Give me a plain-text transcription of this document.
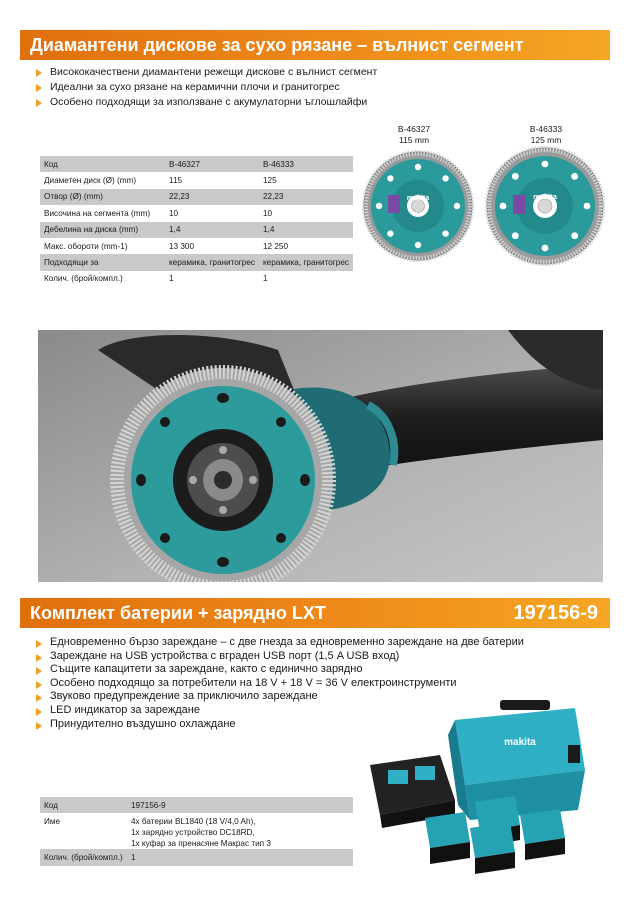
Диамантени дискове за сухо рязане – вълнист сегмент
Висококачествени диамантени режещи дискове с вълнист сегмент
Идеални за сухо рязане на керамични плочи и гранитогрес
Особено подходящи за използване с акумулаторни ъглошлайфи
Код	B-46327	B-46333
Диаметен диск (Ø) (mm)	115	125
Отвор (Ø) (mm)	22,23	22,23
Височина на сегмента (mm)	10	10
Дебелина на диска (mm)	1,4	1,4
Макс. обороти (mm-1)	13 300	12 250
Подходящи за	керамика, гранитогрес	керамика, гранитогрес
Колич. (брой/компл.)	1	1
B-46327
115 mm
B-46333
125 mm
makita	makita
Комплект батерии + зарядно LXT	197156-9
Едновременно бързо зареждане – с две гнезда за едновременно зареждане на две батерии
Зареждане на USB устройства с вграден USB порт (1,5 A USB вход)
Същите капацитети за зареждане, както с единично зарядно
Особено подходящо за потребители на 18 V + 18 V = 36 V електроинструменти
Звуково предупреждение за приключило зареждане
LED индикатор за зареждане
Принудително въздушно охлаждане
Код	197156-9
Име	4x батерии BL1840 (18 V/4,0 Ah),
1x зарядно устройство DC18RD,
1x куфар за пренасяне Макрас тип 3

Колич. (брой/компл.)	1
makita
